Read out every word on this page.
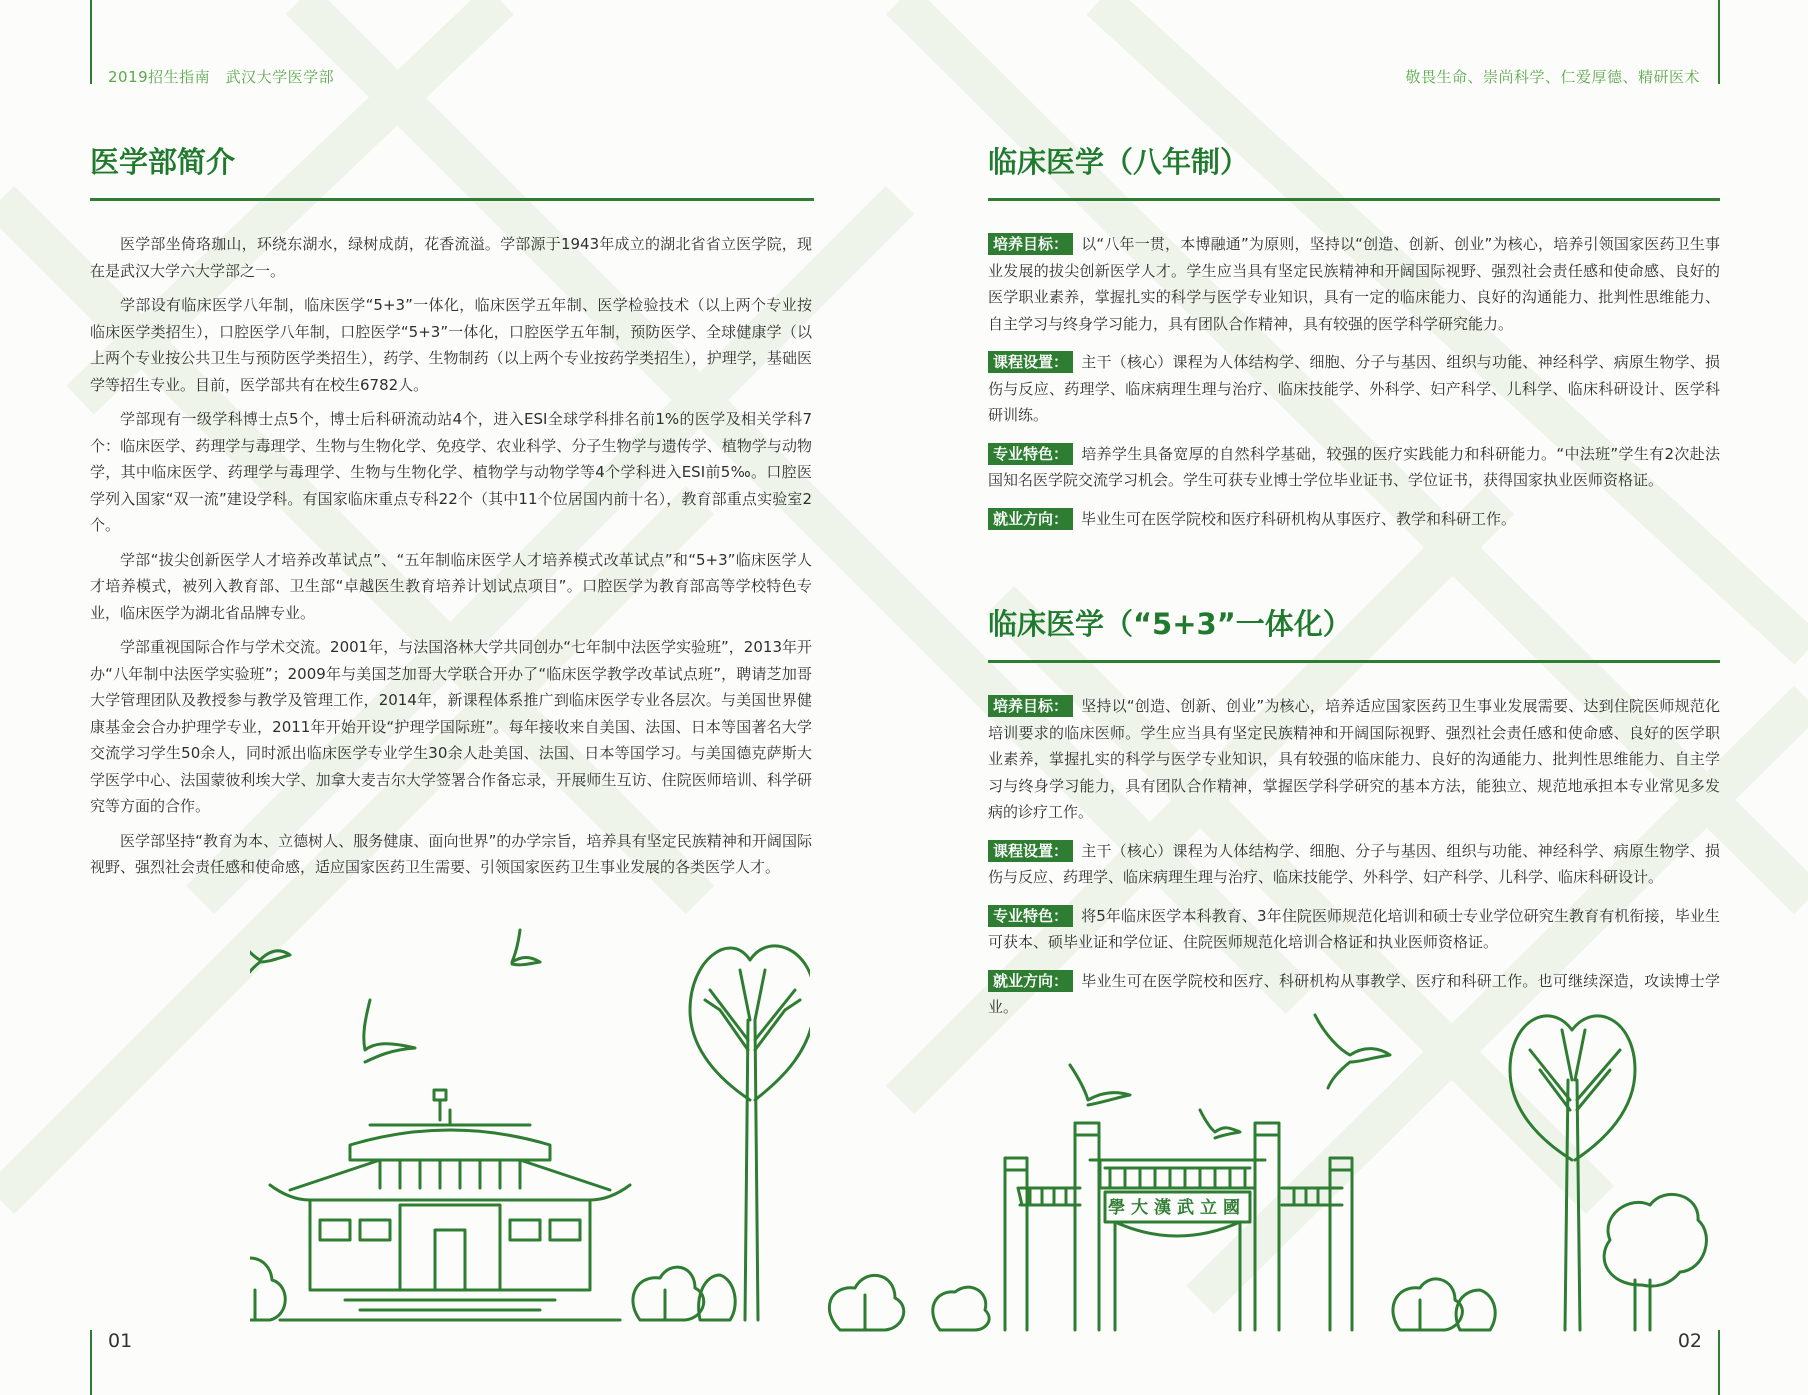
2019招生指南　武汉大学医学部	敬畏生命、崇尚科学、仁爱厚德、精研医术
01	02
医学部简介

医学部坐倚珞珈山，环绕东湖水，绿树成荫，花香流溢。学部源于1943年成立的湖北省省立医学院，现在是武汉大学六大学部之一。

学部设有临床医学八年制，临床医学“5+3”一体化，临床医学五年制、医学检验技术（以上两个专业按临床医学类招生），口腔医学八年制，口腔医学“5+3”一体化，口腔医学五年制，预防医学、全球健康学（以上两个专业按公共卫生与预防医学类招生），药学、生物制药（以上两个专业按药学类招生），护理学，基础医学等招生专业。目前，医学部共有在校生6782人。

学部现有一级学科博士点5个，博士后科研流动站4个，进入ESI全球学科排名前1%的医学及相关学科7个：临床医学、药理学与毒理学、生物与生物化学、免疫学、农业科学、分子生物学与遗传学、植物学与动物学，其中临床医学、药理学与毒理学、生物与生物化学、植物学与动物学等4个学科进入ESI前5‰。口腔医学列入国家“双一流”建设学科。有国家临床重点专科22个（其中11个位居国内前十名），教育部重点实验室2个。

学部“拔尖创新医学人才培养改革试点”、“五年制临床医学人才培养模式改革试点”和“5+3”临床医学人才培养模式，被列入教育部、卫生部“卓越医生教育培养计划试点项目”。口腔医学为教育部高等学校特色专业，临床医学为湖北省品牌专业。

学部重视国际合作与学术交流。2001年，与法国洛林大学共同创办“七年制中法医学实验班”，2013年开办“八年制中法医学实验班”；2009年与美国芝加哥大学联合开办了“临床医学教学改革试点班”，聘请芝加哥大学管理团队及教授参与教学及管理工作，2014年，新课程体系推广到临床医学专业各层次。与美国世界健康基金会合办护理学专业，2011年开始开设“护理学国际班”。每年接收来自美国、法国、日本等国著名大学交流学习学生50余人，同时派出临床医学专业学生30余人赴美国、法国、日本等国学习。与美国德克萨斯大学医学中心、法国蒙彼利埃大学、加拿大麦吉尔大学签署合作备忘录，开展师生互访、住院医师培训、科学研究等方面的合作。

医学部坚持“教育为本、立德树人、服务健康、面向世界”的办学宗旨，培养具有坚定民族精神和开阔国际视野、强烈社会责任感和使命感，适应国家医药卫生需要、引领国家医药卫生事业发展的各类医学人才。

临床医学（八年制）

培养目标： 以“八年一贯，本博融通”为原则，坚持以“创造、创新、创业”为核心，培养引领国家医药卫生事业发展的拔尖创新医学人才。学生应当具有坚定民族精神和开阔国际视野、强烈社会责任感和使命感、良好的医学职业素养，掌握扎实的科学与医学专业知识，具有一定的临床能力、良好的沟通能力、批判性思维能力、自主学习与终身学习能力，具有团队合作精神，具有较强的医学科学研究能力。

课程设置： 主干（核心）课程为人体结构学、细胞、分子与基因、组织与功能、神经科学、病原生物学、损伤与反应、药理学、临床病理生理与治疗、临床技能学、外科学、妇产科学、儿科学、临床科研设计、医学科研训练。

专业特色： 培养学生具备宽厚的自然科学基础，较强的医疗实践能力和科研能力。“中法班”学生有2次赴法国知名医学院交流学习机会。学生可获专业博士学位毕业证书、学位证书，获得国家执业医师资格证。

就业方向： 毕业生可在医学院校和医疗科研机构从事医疗、教学和科研工作。

临床医学（“5+3”一体化）

培养目标： 坚持以“创造、创新、创业”为核心，培养适应国家医药卫生事业发展需要、达到住院医师规范化培训要求的临床医师。学生应当具有坚定民族精神和开阔国际视野、强烈社会责任感和使命感、良好的医学职业素养，掌握扎实的科学与医学专业知识，具有较强的临床能力、良好的沟通能力、批判性思维能力、自主学习与终身学习能力，具有团队合作精神，掌握医学科学研究的基本方法，能独立、规范地承担本专业常见多发病的诊疗工作。

课程设置： 主干（核心）课程为人体结构学、细胞、分子与基因、组织与功能、神经科学、病原生物学、损伤与反应、药理学、临床病理生理与治疗、临床技能学、外科学、妇产科学、儿科学、临床科研设计。

专业特色： 将5年临床医学本科教育、3年住院医师规范化培训和硕士专业学位研究生教育有机衔接，毕业生可获本、硕毕业证和学位证、住院医师规范化培训合格证和执业医师资格证。

就业方向： 毕业生可在医学院校和医疗、科研机构从事教学、医疗和科研工作。也可继续深造，攻读博士学业。

學大漢武立國
